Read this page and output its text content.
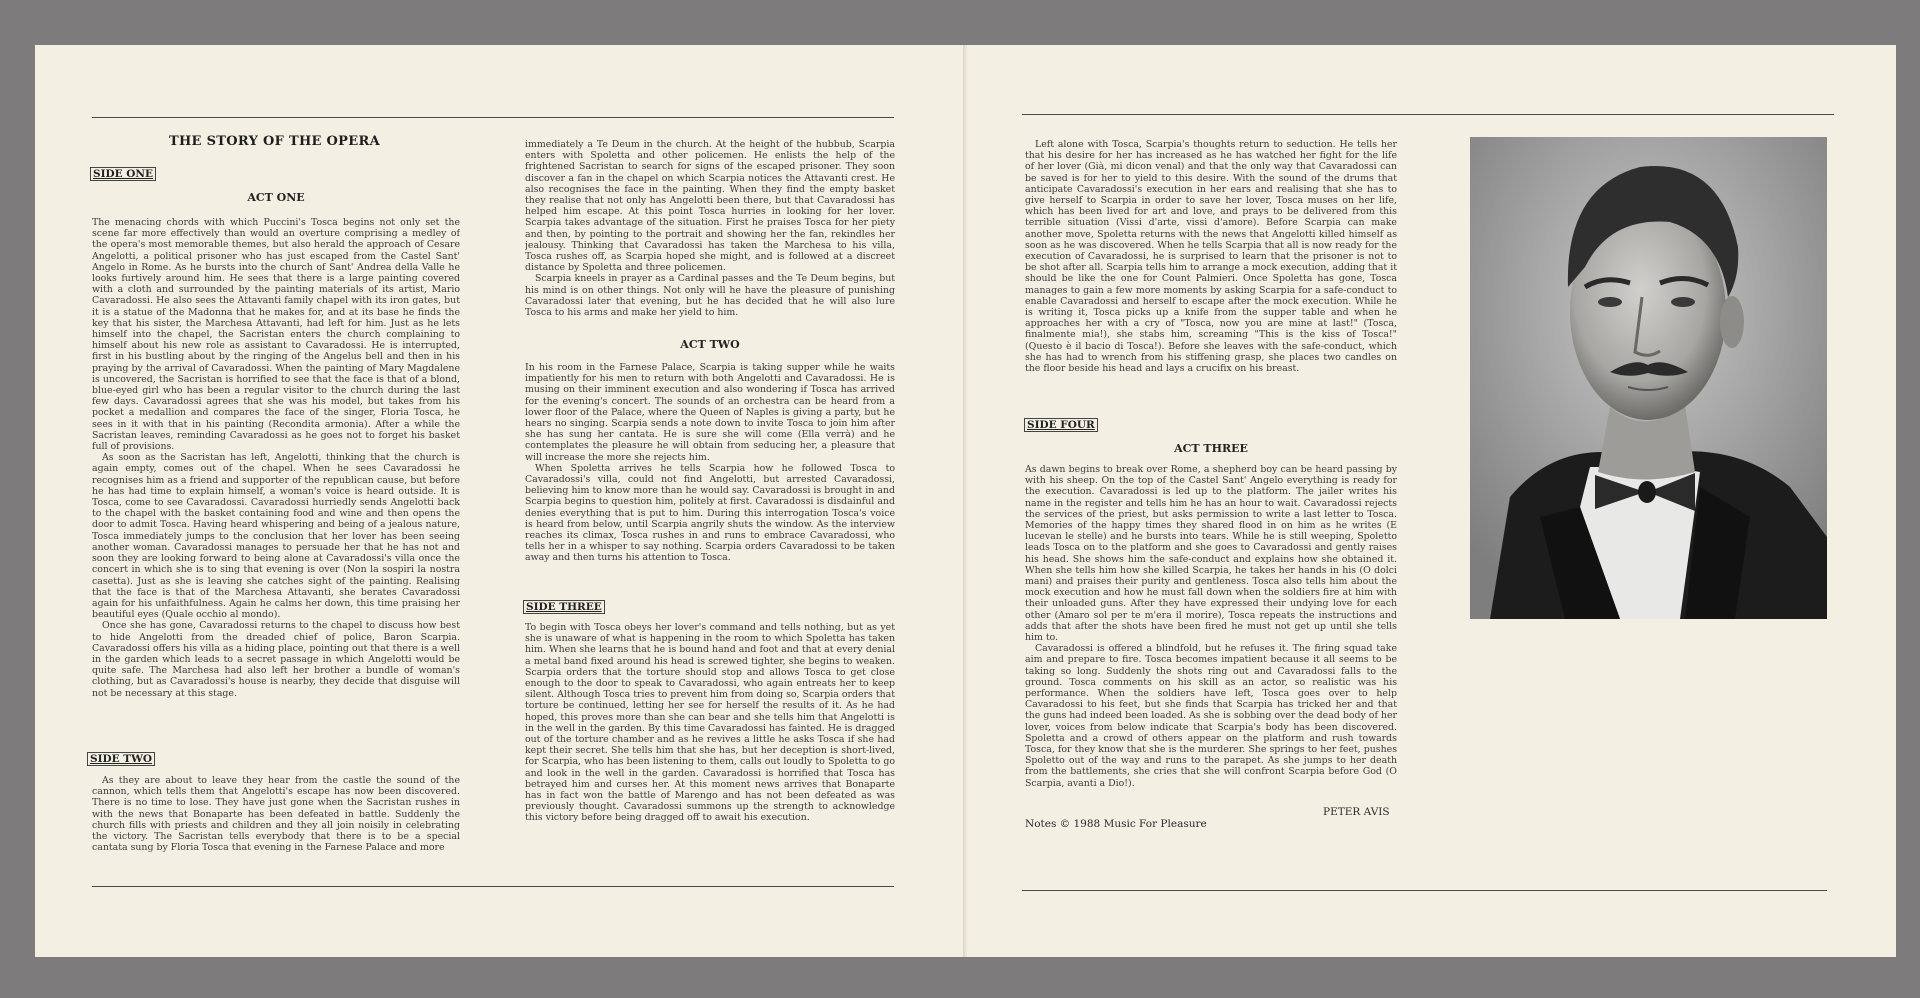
THE STORY OF THE OPERA
SIDE ONE
ACT ONE

The menacing chords with which Puccini's Tosca begins not only set the scene far more effectively than would an overture comprising a medley of the opera's most memorable themes, but also herald the approach of Cesare Angelotti, a political prisoner who has just escaped from the Castel Sant' Angelo in Rome. As he bursts into the church of Sant' Andrea della Valle he looks furtively around him. He sees that there is a large painting covered with a cloth and surrounded by the painting materials of its artist, Mario Cavaradossi. He also sees the Attavanti family chapel with its iron gates, but it is a statue of the Madonna that he makes for, and at its base he finds the key that his sister, the Marchesa Attavanti, had left for him. Just as he lets himself into the chapel, the Sacristan enters the church complaining to himself about his new role as assistant to Cavaradossi. He is interrupted, first in his bustling about by the ringing of the Angelus bell and then in his praying by the arrival of Cavaradossi. When the painting of Mary Magdalene is uncovered, the Sacristan is horrified to see that the face is that of a blond, blue-eyed girl who has been a regular visitor to the church during the last few days. Cavaradossi agrees that she was his model, but takes from his pocket a medallion and compares the face of the singer, Floria Tosca, he sees in it with that in his painting (Recondita armonia). After a while the Sacristan leaves, reminding Cavaradossi as he goes not to forget his basket full of provisions.

As soon as the Sacristan has left, Angelotti, thinking that the church is again empty, comes out of the chapel. When he sees Cavaradossi he recognises him as a friend and supporter of the republican cause, but before he has had time to explain himself, a woman's voice is heard outside. It is Tosca, come to see Cavaradossi. Cavaradossi hurriedly sends Angelotti back to the chapel with the basket containing food and wine and then opens the door to admit Tosca. Having heard whispering and being of a jealous nature, Tosca immediately jumps to the conclusion that her lover has been seeing another woman. Cavaradossi manages to persuade her that he has not and soon they are looking forward to being alone at Cavaradossi's villa once the concert in which she is to sing that evening is over (Non la sospiri la nostra casetta). Just as she is leaving she catches sight of the painting. Realising that the face is that of the Marchesa Attavanti, she berates Cavaradossi again for his unfaithfulness. Again he calms her down, this time praising her beautiful eyes (Quale occhio al mondo).

Once she has gone, Cavaradossi returns to the chapel to discuss how best to hide Angelotti from the dreaded chief of police, Baron Scarpia. Cavaradossi offers his villa as a hiding place, pointing out that there is a well in the garden which leads to a secret passage in which Angelotti would be quite safe. The Marchesa had also left her brother a bundle of woman's clothing, but as Cavaradossi's house is nearby, they decide that disguise will not be necessary at this stage.

SIDE TWO

As they are about to leave they hear from the castle the sound of the cannon, which tells them that Angelotti's escape has now been discovered. There is no time to lose. They have just gone when the Sacristan rushes in with the news that Bonaparte has been defeated in battle. Suddenly the church fills with priests and children and they all join noisily in celebrating the victory. The Sacristan tells everybody that there is to be a special cantata sung by Floria Tosca that evening in the Farnese Palace and more

immediately a Te Deum in the church. At the height of the hubbub, Scarpia enters with Spoletta and other policemen. He enlists the help of the frightened Sacristan to search for signs of the escaped prisoner. They soon discover a fan in the chapel on which Scarpia notices the Attavanti crest. He also recognises the face in the painting. When they find the empty basket they realise that not only has Angelotti been there, but that Cavaradossi has helped him escape. At this point Tosca hurries in looking for her lover. Scarpia takes advantage of the situation. First he praises Tosca for her piety and then, by pointing to the portrait and showing her the fan, rekindles her jealousy. Thinking that Cavaradossi has taken the Marchesa to his villa, Tosca rushes off, as Scarpia hoped she might, and is followed at a discreet distance by Spoletta and three policemen.

Scarpia kneels in prayer as a Cardinal passes and the Te Deum begins, but his mind is on other things. Not only will he have the pleasure of punishing Cavaradossi later that evening, but he has decided that he will also lure Tosca to his arms and make her yield to him.

ACT TWO

In his room in the Farnese Palace, Scarpia is taking supper while he waits impatiently for his men to return with both Angelotti and Cavaradossi. He is musing on their imminent execution and also wondering if Tosca has arrived for the evening's concert. The sounds of an orchestra can be heard from a lower floor of the Palace, where the Queen of Naples is giving a party, but he hears no singing. Scarpia sends a note down to invite Tosca to join him after she has sung her cantata. He is sure she will come (Ella verrà) and he contemplates the pleasure he will obtain from seducing her, a pleasure that will increase the more she rejects him.

When Spoletta arrives he tells Scarpia how he followed Tosca to Cavaradossi's villa, could not find Angelotti, but arrested Cavaradossi, believing him to know more than he would say. Cavaradossi is brought in and Scarpia begins to question him, politely at first. Cavaradossi is disdainful and denies everything that is put to him. During this interrogation Tosca's voice is heard from below, until Scarpia angrily shuts the window. As the interview reaches its climax, Tosca rushes in and runs to embrace Cavaradossi, who tells her in a whisper to say nothing. Scarpia orders Cavaradossi to be taken away and then turns his attention to Tosca.

SIDE THREE

To begin with Tosca obeys her lover's command and tells nothing, but as yet she is unaware of what is happening in the room to which Spoletta has taken him. When she learns that he is bound hand and foot and that at every denial a metal band fixed around his head is screwed tighter, she begins to weaken. Scarpia orders that the torture should stop and allows Tosca to get close enough to the door to speak to Cavaradossi, who again entreats her to keep silent. Although Tosca tries to prevent him from doing so, Scarpia orders that torture be continued, letting her see for herself the results of it. As he had hoped, this proves more than she can bear and she tells him that Angelotti is in the well in the garden. By this time Cavaradossi has fainted. He is dragged out of the torture chamber and as he revives a little he asks Tosca if she had kept their secret. She tells him that she has, but her deception is short-lived, for Scarpia, who has been listening to them, calls out loudly to Spoletta to go and look in the well in the garden. Cavaradossi is horrified that Tosca has betrayed him and curses her. At this moment news arrives that Bonaparte has in fact won the battle of Marengo and has not been defeated as was previously thought. Cavaradossi summons up the strength to acknowledge this victory before being dragged off to await his execution.

Left alone with Tosca, Scarpia's thoughts return to seduction. He tells her that his desire for her has increased as he has watched her fight for the life of her lover (Già, mi dicon venal) and that the only way that Cavaradossi can be saved is for her to yield to this desire. With the sound of the drums that anticipate Cavaradossi's execution in her ears and realising that she has to give herself to Scarpia in order to save her lover, Tosca muses on her life, which has been lived for art and love, and prays to be delivered from this terrible situation (Vissi d'arte, vissi d'amore). Before Scarpia can make another move, Spoletta returns with the news that Angelotti killed himself as soon as he was discovered. When he tells Scarpia that all is now ready for the execution of Cavaradossi, he is surprised to learn that the prisoner is not to be shot after all. Scarpia tells him to arrange a mock execution, adding that it should be like the one for Count Palmieri. Once Spoletta has gone, Tosca manages to gain a few more moments by asking Scarpia for a safe-conduct to enable Cavaradossi and herself to escape after the mock execution. While he is writing it, Tosca picks up a knife from the supper table and when he approaches her with a cry of "Tosca, now you are mine at last!" (Tosca, finalmente mia!), she stabs him, screaming "This is the kiss of Tosca!" (Questo è il bacio di Tosca!). Before she leaves with the safe-conduct, which she has had to wrench from his stiffening grasp, she places two candles on the floor beside his head and lays a crucifix on his breast.

SIDE FOUR
ACT THREE

As dawn begins to break over Rome, a shepherd boy can be heard passing by with his sheep. On the top of the Castel Sant' Angelo everything is ready for the execution. Cavaradossi is led up to the platform. The jailer writes his name in the register and tells him he has an hour to wait. Cavaradossi rejects the services of the priest, but asks permission to write a last letter to Tosca. Memories of the happy times they shared flood in on him as he writes (E lucevan le stelle) and he bursts into tears. While he is still weeping, Spoletto leads Tosca on to the platform and she goes to Cavaradossi and gently raises his head. She shows him the safe-conduct and explains how she obtained it. When she tells him how she killed Scarpia, he takes her hands in his (O dolci mani) and praises their purity and gentleness. Tosca also tells him about the mock execution and how he must fall down when the soldiers fire at him with their unloaded guns. After they have expressed their undying love for each other (Amaro sol per te m'era il morire), Tosca repeats the instructions and adds that after the shots have been fired he must not get up until she tells him to.

Cavaradossi is offered a blindfold, but he refuses it. The firing squad take aim and prepare to fire. Tosca becomes impatient because it all seems to be taking so long. Suddenly the shots ring out and Cavaradossi falls to the ground. Tosca comments on his skill as an actor, so realistic was his performance. When the soldiers have left, Tosca goes over to help Cavaradossi to his feet, but she finds that Scarpia has tricked her and that the guns had indeed been loaded. As she is sobbing over the dead body of her lover, voices from below indicate that Scarpia's body has been discovered. Spoletta and a crowd of others appear on the platform and rush towards Tosca, for they know that she is the murderer. She springs to her feet, pushes Spoletto out of the way and runs to the parapet. As she jumps to her death from the battlements, she cries that she will confront Scarpia before God (O Scarpia, avanti a Dio!).

PETER AVIS
Notes © 1988 Music For Pleasure
